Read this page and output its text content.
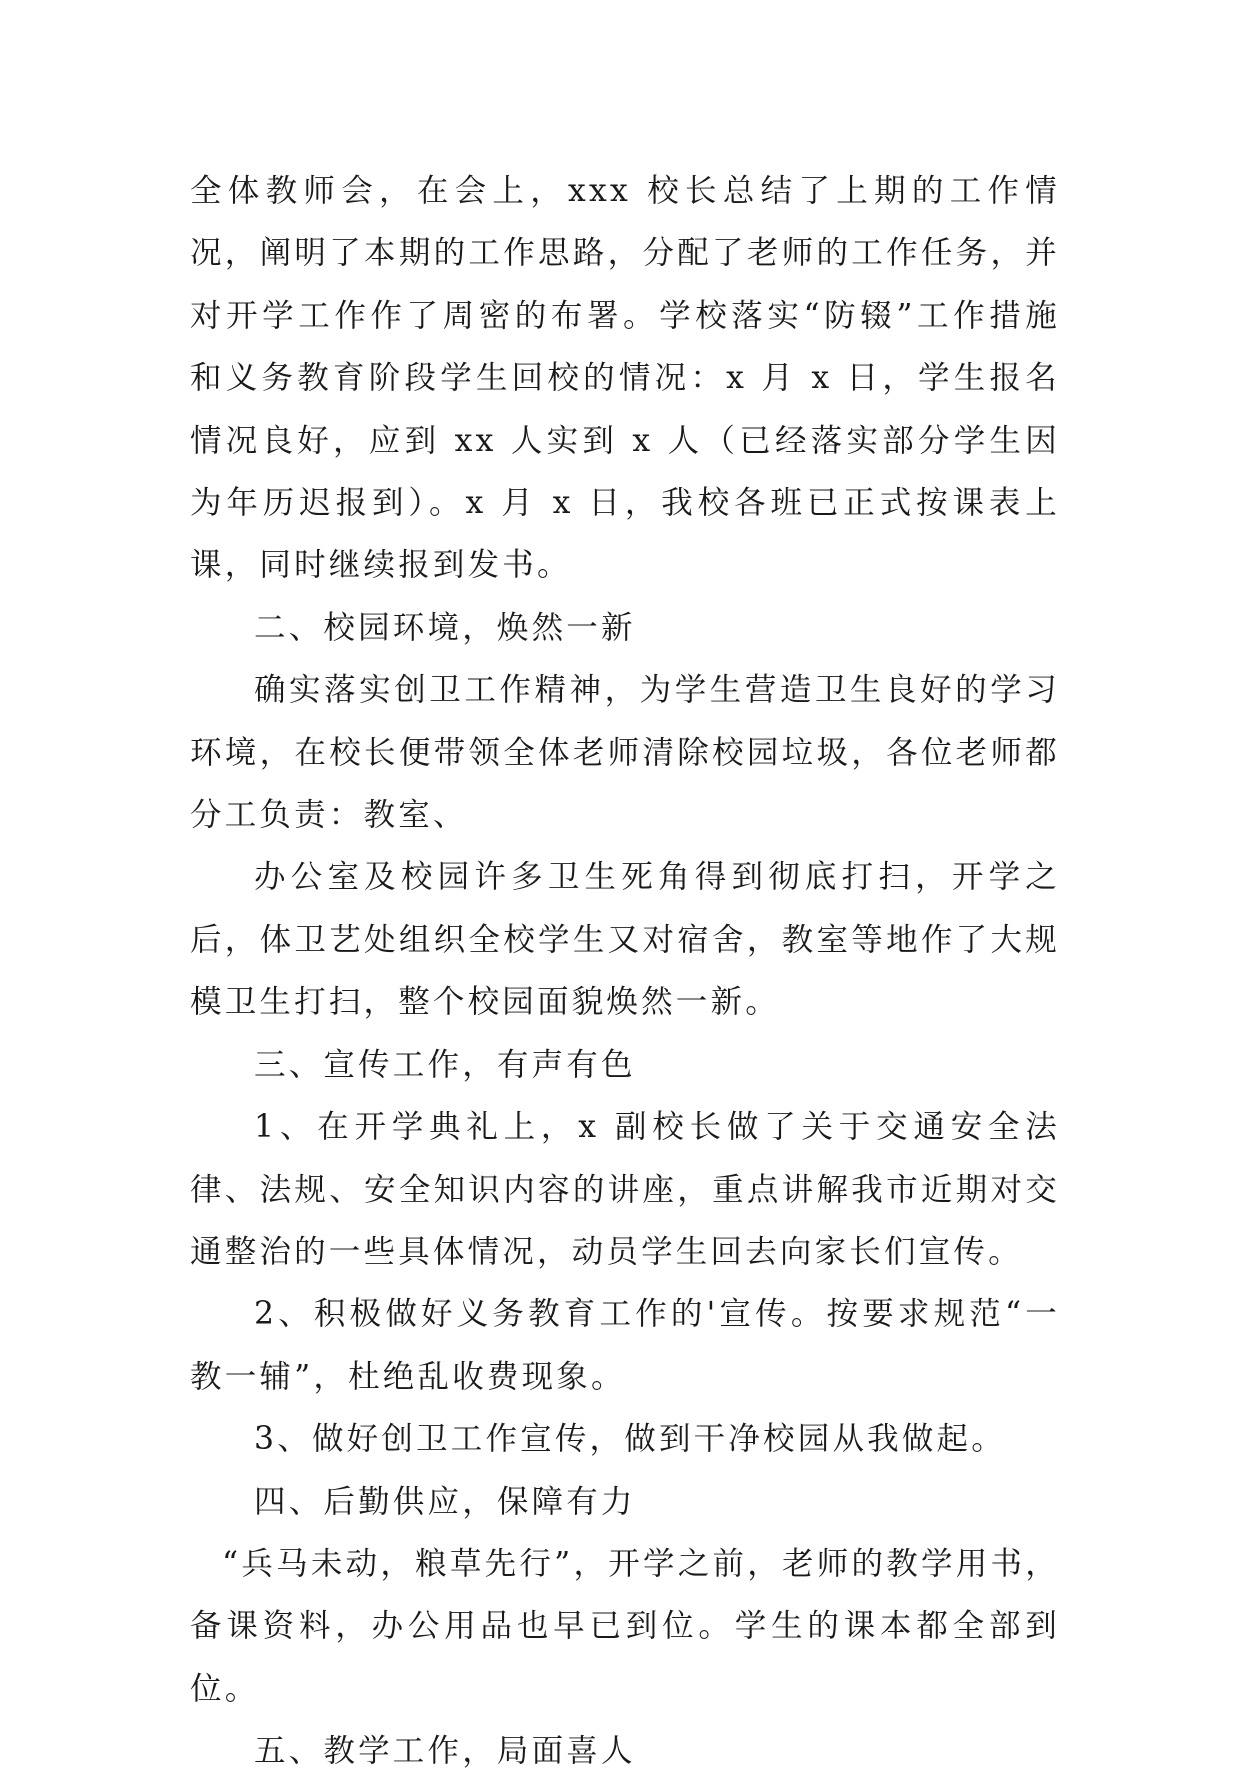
全体教师会，在会上，xxx 校长总结了上期的工作情况，阐明了本期的工作思路，分配了老师的工作任务，并对开学工作作了周密的布署。学校落实“防辍”工作措施和义务教育阶段学生回校的情况：x 月 x 日，学生报名情况良好，应到 xx 人实到 x 人（已经落实部分学生因为年历迟报到）。x 月 x 日，我校各班已正式按课表上课，同时继续报到发书。

二、校园环境，焕然一新

确实落实创卫工作精神，为学生营造卫生良好的学习环境，在校长便带领全体老师清除校园垃圾，各位老师都分工负责：教室、

办公室及校园许多卫生死角得到彻底打扫，开学之后，体卫艺处组织全校学生又对宿舍，教室等地作了大规模卫生打扫，整个校园面貌焕然一新。

三、宣传工作，有声有色

1、在开学典礼上，x 副校长做了关于交通安全法律、法规、安全知识内容的讲座，重点讲解我市近期对交通整治的一些具体情况，动员学生回去向家长们宣传。

2、积极做好义务教育工作的'宣传。按要求规范“一教一辅”，杜绝乱收费现象。

3、做好创卫工作宣传，做到干净校园从我做起。

四、后勤供应，保障有力

“兵马未动，粮草先行”，开学之前，老师的教学用书，备课资料，办公用品也早已到位。学生的课本都全部到位。

五、教学工作，局面喜人
